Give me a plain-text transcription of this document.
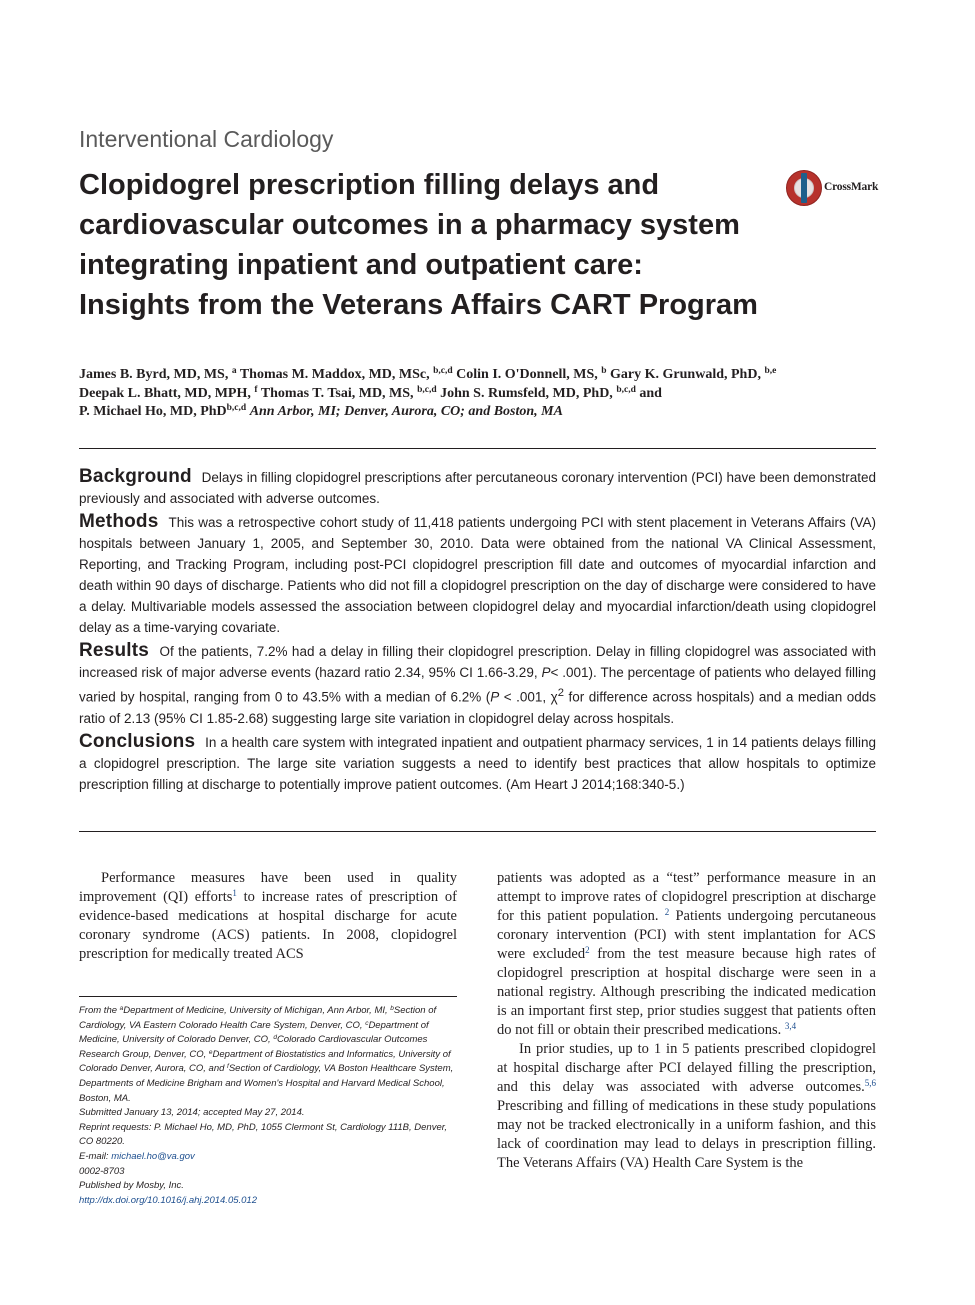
Interventional Cardiology
Clopidogrel prescription filling delays and cardiovascular outcomes in a pharmacy system integrating inpatient and outpatient care: Insights from the Veterans Affairs CART Program
CrossMark

James B. Byrd, MD, MS, $^a$ Thomas M. Maddox, MD, MSc, $^{b,c,d}$ Colin I. O'Donnell, MS, $^b$ Gary K. Grunwald, PhD, $^{b,e}$
Deepak L. Bhatt, MD, MPH, $^f$ Thomas T. Tsai, MD, MS, $^{b,c,d}$ John S. Rumsfeld, MD, PhD, $^{b,c,d}$ and
P. Michael Ho, MD, PhD$^{b,c,d}$ Ann Arbor, MI; Denver, Aurora, CO; and Boston, MA

Background Delays in filling clopidogrel prescriptions after percutaneous coronary intervention (PCI) have been demonstrated previously and associated with adverse outcomes.

Methods This was a retrospective cohort study of 11,418 patients undergoing PCI with stent placement in Veterans Affairs (VA) hospitals between January 1, 2005, and September 30, 2010. Data were obtained from the national VA Clinical Assessment, Reporting, and Tracking Program, including post-PCI clopidogrel prescription fill date and outcomes of myocardial infarction and death within 90 days of discharge. Patients who did not fill a clopidogrel prescription on the day of discharge were considered to have a delay. Multivariable models assessed the association between clopidogrel delay and myocardial infarction/death using clopidogrel delay as a time-varying covariate.

Results Of the patients, 7.2% had a delay in filling their clopidogrel prescription. Delay in filling clopidogrel was associated with increased risk of major adverse events (hazard ratio 2.34, 95% CI 1.66-3.29, P< .001). The percentage of patients who delayed filling varied by hospital, ranging from 0 to 43.5% with a median of 6.2% (P < .001, $\chi^2$ for difference across hospitals) and a median odds ratio of 2.13 (95% CI 1.85-2.68) suggesting large site variation in clopidogrel delay across hospitals.

Conclusions In a health care system with integrated inpatient and outpatient pharmacy services, 1 in 14 patients delays filling a clopidogrel prescription. The large site variation suggests a need to identify best practices that allow hospitals to optimize prescription filling at discharge to potentially improve patient outcomes. (Am Heart J 2014;168:340-5.)

Performance measures have been used in quality improvement (QI) efforts$^1$ to increase rates of prescription of evidence-based medications at hospital discharge for acute coronary syndrome (ACS) patients. In 2008, clopidogrel prescription for medically treated ACS

From the $^a$Department of Medicine, University of Michigan, Ann Arbor, MI, $^b$Section of Cardiology, VA Eastern Colorado Health Care System, Denver, CO, $^c$Department of Medicine, University of Colorado Denver, CO, $^d$Colorado Cardiovascular Outcomes Research Group, Denver, CO, $^e$Department of Biostatistics and Informatics, University of Colorado Denver, Aurora, CO, and $^f$Section of Cardiology, VA Boston Healthcare System, Departments of Medicine Brigham and Women's Hospital and Harvard Medical School, Boston, MA.

Submitted January 13, 2014; accepted May 27, 2014.

Reprint requests: P. Michael Ho, MD, PhD, 1055 Clermont St, Cardiology 111B, Denver, CO 80220.

E-mail: michael.ho@va.gov

0002-8703

Published by Mosby, Inc.

http://dx.doi.org/10.1016/j.ahj.2014.05.012

patients was adopted as a “test” performance measure in an attempt to improve rates of clopidogrel prescription at discharge for this patient population. $^2$ Patients undergoing percutaneous coronary intervention (PCI) with stent implantation for ACS were excluded$^2$ from the test measure because high rates of clopidogrel prescription at hospital discharge were seen in a national registry. Although prescribing the indicated medication is an important first step, prior studies suggest that patients often do not fill or obtain their prescribed medications. $^{3,4}$

In prior studies, up to 1 in 5 patients prescribed clopidogrel at hospital discharge after PCI delayed filling the prescription, and this delay was associated with adverse outcomes.$^{5,6}$ Prescribing and filling of medications in these study populations may not be tracked electronically in a uniform fashion, and this lack of coordination may lead to delays in prescription filling. The Veterans Affairs (VA) Health Care System is the
